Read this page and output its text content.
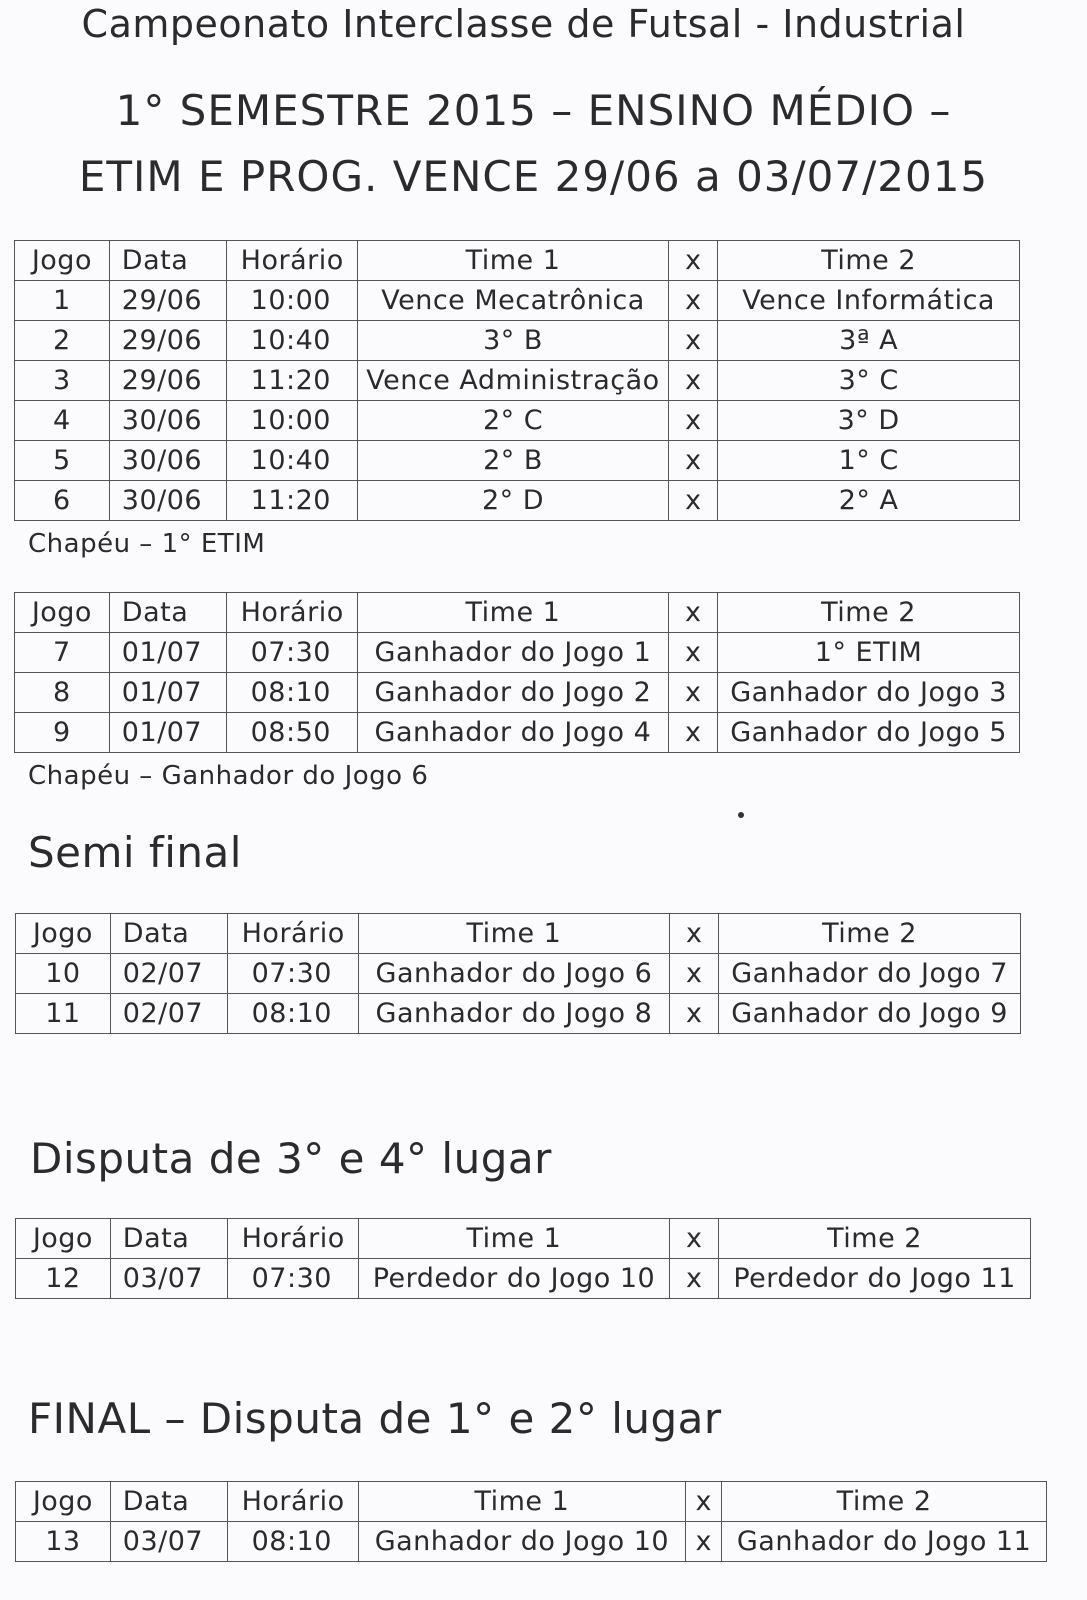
Campeonato Interclasse de Futsal - Industrial
1° SEMESTRE 2015 – ENSINO MÉDIO –
ETIM E PROG. VENCE 29/06 a 03/07/2015
Jogo	Data	Horário	Time 1	x	Time 2
1	29/06	10:00	Vence Mecatrônica	x	Vence Informática
2	29/06	10:40	3° B	x	3ª A
3	29/06	11:20	Vence Administração	x	3° C
4	30/06	10:00	2° C	x	3° D
5	30/06	10:40	2° B	x	1° C
6	30/06	11:20	2° D	x	2° A

Chapéu – 1° ETIM

Jogo	Data	Horário	Time 1	x	Time 2
7	01/07	07:30	Ganhador do Jogo 1	x	1° ETIM
8	01/07	08:10	Ganhador do Jogo 2	x	Ganhador do Jogo 3
9	01/07	08:50	Ganhador do Jogo 4	x	Ganhador do Jogo 5

Chapéu – Ganhador do Jogo 6

Semi final
Jogo	Data	Horário	Time 1	x	Time 2
10	02/07	07:30	Ganhador do Jogo 6	x	Ganhador do Jogo 7
11	02/07	08:10	Ganhador do Jogo 8	x	Ganhador do Jogo 9
Disputa de 3° e 4° lugar
Jogo	Data	Horário	Time 1	x	Time 2
12	03/07	07:30	Perdedor do Jogo 10	x	Perdedor do Jogo 11
FINAL – Disputa de 1° e 2° lugar
Jogo	Data	Horário	Time 1	x	Time 2
13	03/07	08:10	Ganhador do Jogo 10	x	Ganhador do Jogo 11
